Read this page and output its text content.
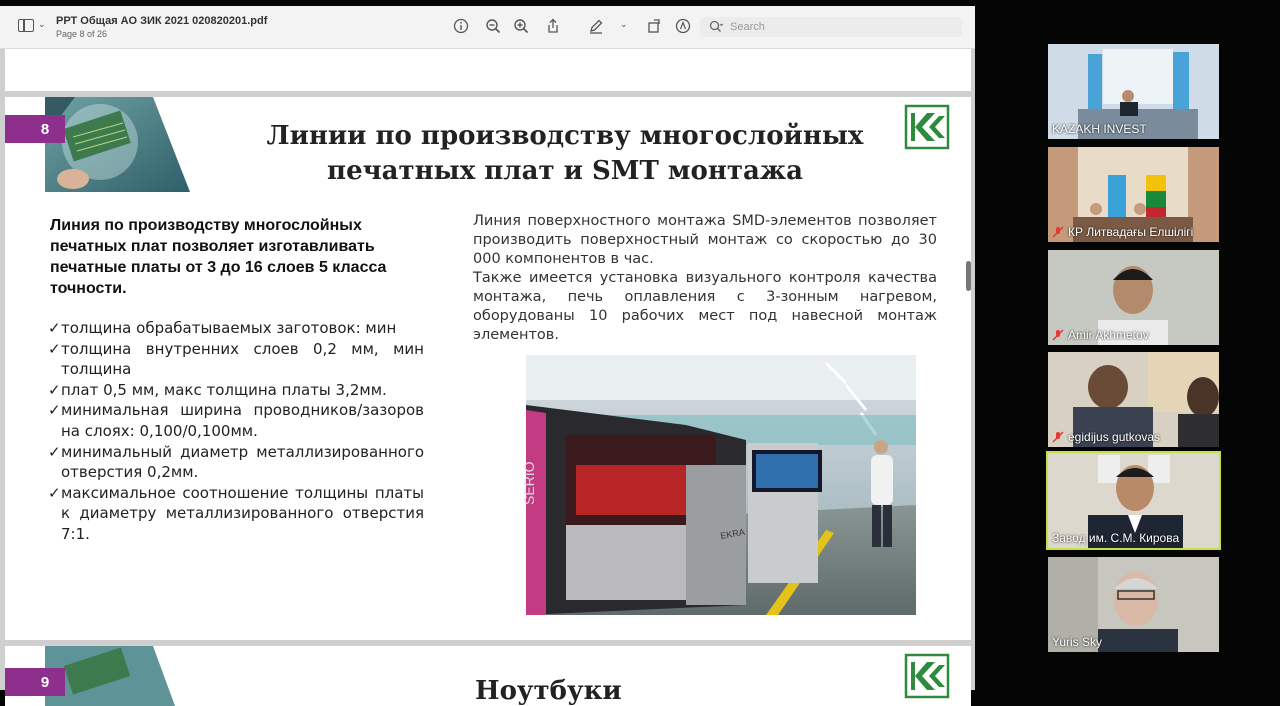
⌄ РРТ Общая АО ЗИК 2021 020820201.pdf
Page 8 of 26
⌄	Search
8	Линии по производству многослойных
печатных плат и SMT монтажа
Линия по производству многослойных печатных плат позволяет изготавливать печатные платы от 3 до 16 слоев 5 класса точности.
✓ толщина обрабатываемых заготовок: мин
✓ толщина внутренних слоев 0,2 мм, мин толщина
✓ плат 0,5 мм, макс толщина платы 3,2мм.
✓ минимальная ширина проводников/зазоров на слоях: 0,100/0,100мм.
✓ минимальный диаметр металлизированного отверстия 0,2мм.
✓ максимальное соотношение толщины платы к диаметру металлизированного отверстия 7:1.
Линия поверхностного монтажа SMD-элементов позволяет производить поверхностный монтаж со скоростью до 30 000 компонентов в час.
Также имеется установка визуального контроля качества монтажа, печь оплавления с 3-зонным нагревом, оборудованы 10 рабочих мест под навесной монтаж элементов.
SERIO
EKRA
9	Ноутбуки
KAZAKH INVEST
КР Литвадағы Елшілігі
Amir Akhmetov
egidijus gutkovas
Завод им. С.М. Кирова
Yuris Sky
